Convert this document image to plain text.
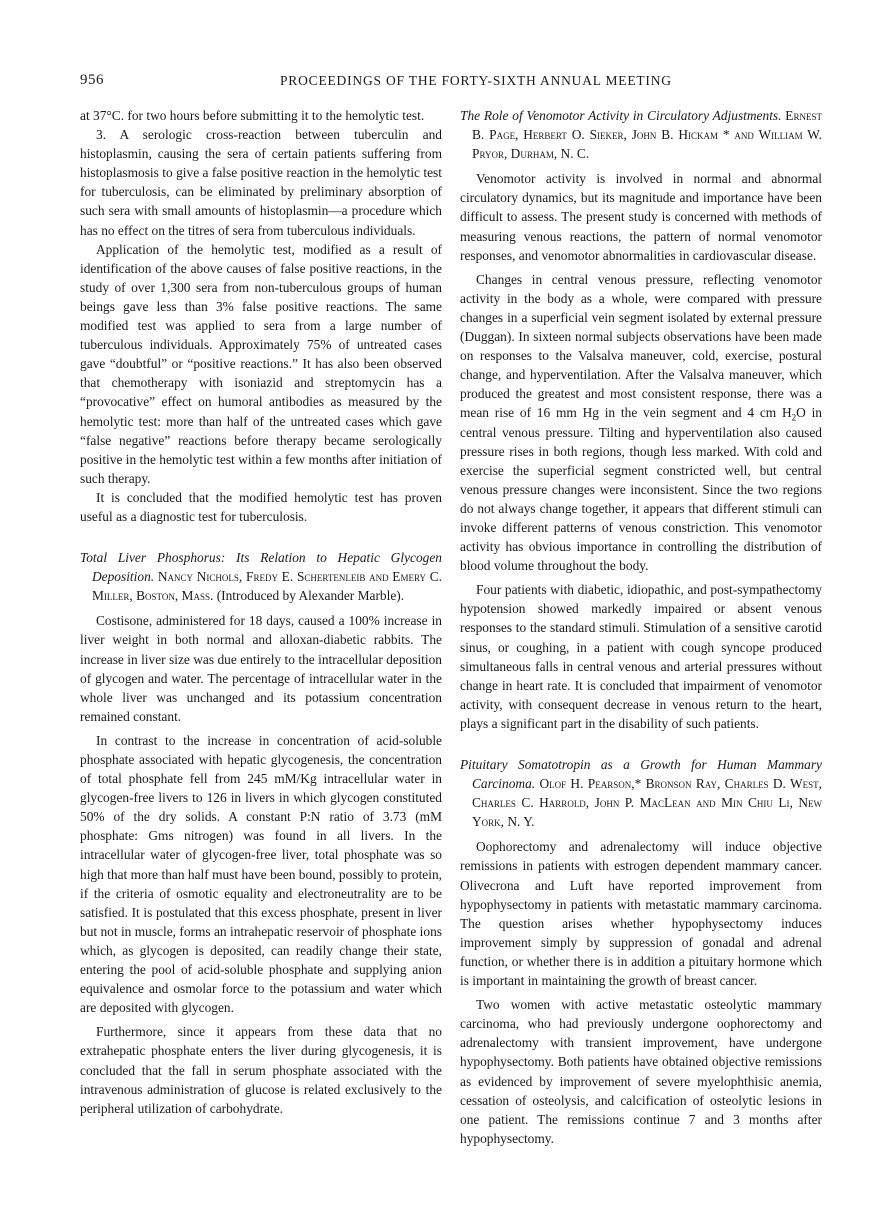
956	PROCEEDINGS OF THE FORTY-SIXTH ANNUAL MEETING

at 37°C. for two hours before submitting it to the hemolytic test.

3. A serologic cross-reaction between tuberculin and histoplasmin, causing the sera of certain patients suffering from histoplasmosis to give a false positive reaction in the hemolytic test for tuberculosis, can be eliminated by preliminary absorption of such sera with small amounts of histoplasmin—a procedure which has no effect on the titres of sera from tuberculous individuals.

Application of the hemolytic test, modified as a result of identification of the above causes of false positive reactions, in the study of over 1,300 sera from non-tuberculous groups of human beings gave less than 3% false positive reactions. The same modified test was applied to sera from a large number of tuberculous individuals. Approximately 75% of untreated cases gave “doubtful” or “positive reactions.” It has also been observed that chemotherapy with isoniazid and streptomycin has a “provocative” effect on humoral antibodies as measured by the hemolytic test: more than half of the untreated cases which gave “false negative” reactions before therapy became serologically positive in the hemolytic test within a few months after initiation of such therapy.

It is concluded that the modified hemolytic test has proven useful as a diagnostic test for tuberculosis.

Total Liver Phosphorus: Its Relation to Hepatic Glycogen Deposition. Nancy Nichols, Fredy E. Schertenleib and Emery C. Miller, Boston, Mass. (Introduced by Alexander Marble).

Costisone, administered for 18 days, caused a 100% increase in liver weight in both normal and alloxan-diabetic rabbits. The increase in liver size was due entirely to the intracellular deposition of glycogen and water. The percentage of intracellular water in the whole liver was unchanged and its potassium concentration remained constant.

In contrast to the increase in concentration of acid-soluble phosphate associated with hepatic glycogenesis, the concentration of total phosphate fell from 245 mM/Kg intracellular water in glycogen-free livers to 126 in livers in which glycogen constituted 50% of the dry solids. A constant P:N ratio of 3.73 (mM phosphate: Gms nitrogen) was found in all livers. In the intracellular water of glycogen-free liver, total phosphate was so high that more than half must have been bound, possibly to protein, if the criteria of osmotic equality and electroneutrality are to be satisfied. It is postulated that this excess phosphate, present in liver but not in muscle, forms an intrahepatic reservoir of phosphate ions which, as glycogen is deposited, can readily change their state, entering the pool of acid-soluble phosphate and supplying anion equivalence and osmolar force to the potassium and water which are deposited with glycogen.

Furthermore, since it appears from these data that no extrahepatic phosphate enters the liver during glycogenesis, it is concluded that the fall in serum phosphate associated with the intravenous administration of glucose is related exclusively to the peripheral utilization of carbohydrate.

The Role of Venomotor Activity in Circulatory Adjustments. Ernest B. Page, Herbert O. Sieker, John B. Hickam * and William W. Pryor, Durham, N. C.

Venomotor activity is involved in normal and abnormal circulatory dynamics, but its magnitude and importance have been difficult to assess. The present study is concerned with methods of measuring venous reactions, the pattern of normal venomotor responses, and venomotor abnormalities in cardiovascular disease.

Changes in central venous pressure, reflecting venomotor activity in the body as a whole, were compared with pressure changes in a superficial vein segment isolated by external pressure (Duggan). In sixteen normal subjects observations have been made on responses to the Valsalva maneuver, cold, exercise, postural change, and hyperventilation. After the Valsalva maneuver, which produced the greatest and most consistent response, there was a mean rise of 16 mm Hg in the vein segment and 4 cm $H_2O$ in central venous pressure. Tilting and hyperventilation also caused pressure rises in both regions, though less marked. With cold and exercise the superficial segment constricted well, but central venous pressure changes were inconsistent. Since the two regions do not always change together, it appears that different stimuli can invoke different patterns of venous constriction. This venomotor activity has obvious importance in controlling the distribution of blood volume throughout the body.

Four patients with diabetic, idiopathic, and post-sympathectomy hypotension showed markedly impaired or absent venous responses to the standard stimuli. Stimulation of a sensitive carotid sinus, or coughing, in a patient with cough syncope produced simultaneous falls in central venous and arterial pressures without change in heart rate. It is concluded that impairment of venomotor activity, with consequent decrease in venous return to the heart, plays a significant part in the disability of such patients.

Pituitary Somatotropin as a Growth for Human Mammary Carcinoma. Olof H. Pearson,* Bronson Ray, Charles D. West, Charles C. Harrold, John P. MacLean and Min Chiu Li, New York, N. Y.

Oophorectomy and adrenalectomy will induce objective remissions in patients with estrogen dependent mammary cancer. Olivecrona and Luft have reported improvement from hypophysectomy in patients with metastatic mammary carcinoma. The question arises whether hypophysectomy induces improvement simply by suppression of gonadal and adrenal function, or whether there is in addition a pituitary hormone which is important in maintaining the growth of breast cancer.

Two women with active metastatic osteolytic mammary carcinoma, who had previously undergone oophorectomy and adrenalectomy with transient improvement, have undergone hypophysectomy. Both patients have obtained objective remissions as evidenced by improvement of severe myelophthisic anemia, cessation of osteolysis, and calcification of osteolytic lesions in one patient. The remissions continue 7 and 3 months after hypophysectomy.
